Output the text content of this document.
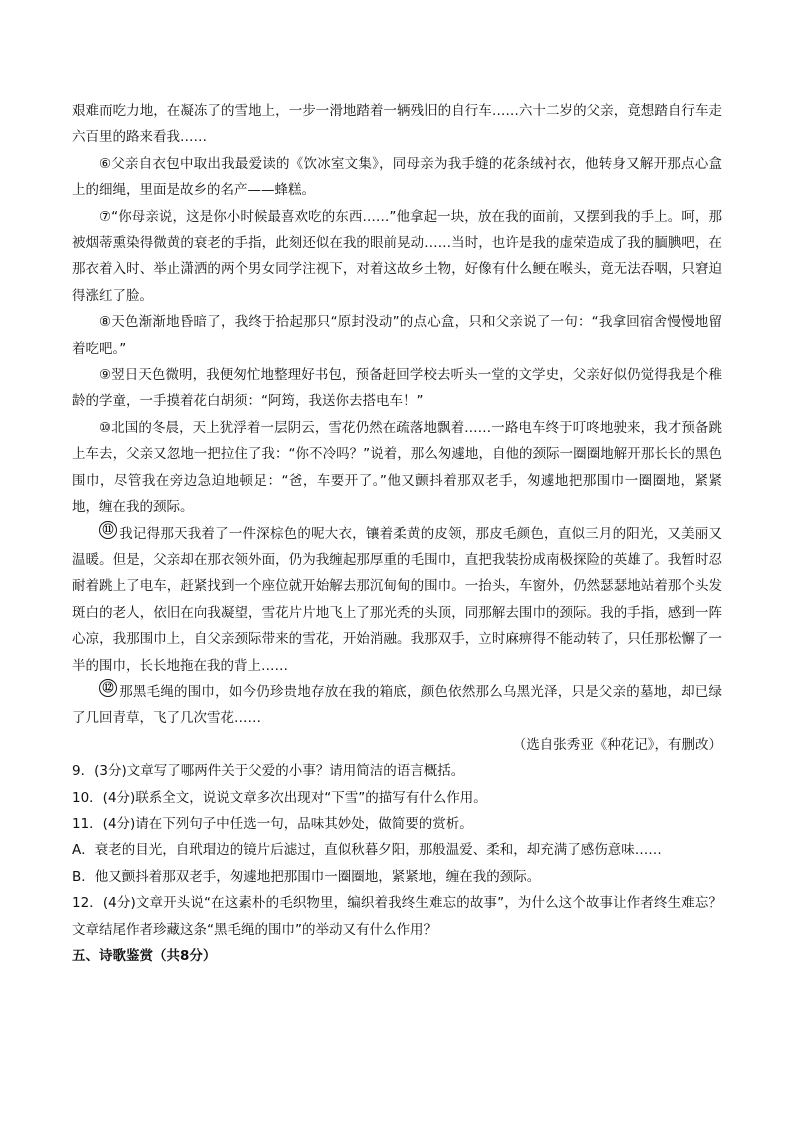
艰难而吃力地，在凝冻了的雪地上，一步一滑地踏着一辆残旧的自行车……六十二岁的父亲，竟想踏自行车走六百里的路来看我……

⑥父亲自衣包中取出我最爱读的《饮冰室文集》，同母亲为我手缝的花条绒衬衣，他转身又解开那点心盒上的细绳，里面是故乡的名产——蜂糕。

⑦“你母亲说，这是你小时候最喜欢吃的东西……”他拿起一块，放在我的面前，又摆到我的手上。呵，那被烟蒂熏染得微黄的衰老的手指，此刻还似在我的眼前晃动……当时，也许是我的虚荣造成了我的腼腆吧，在那衣着入时、举止潇洒的两个男女同学注视下，对着这故乡土物，好像有什么鲠在喉头，竟无法吞咽，只窘迫得涨红了脸。

⑧天色渐渐地昏暗了，我终于拾起那只“原封没动”的点心盒，只和父亲说了一句：“我拿回宿舍慢慢地留着吃吧。”

⑨翌日天色微明，我便匆忙地整理好书包，预备赶回学校去听头一堂的文学史，父亲好似仍觉得我是个稚龄的学童，一手摸着花白胡须：“阿筠，我送你去搭电车！”

⑩北国的冬晨，天上犹浮着一层阴云，雪花仍然在疏落地飘着……一路电车终于叮咚地驶来，我才预备跳上车去，父亲又忽地一把拉住了我：“你不冷吗？”说着，那么匆遽地，自他的颈际一圈圈地解开那长长的黑色围巾，尽管我在旁边急迫地顿足：“爸，车要开了。”他又颤抖着那双老手，匆遽地把那围巾一圈圈地，紧紧地，缠在我的颈际。

⑪ 我记得那天我着了一件深棕色的呢大衣，镶着柔黄的皮领，那皮毛颜色，直似三月的阳光，又美丽又温暖。但是，父亲却在那衣领外面，仍为我缠起那厚重的毛围巾，直把我装扮成南极探险的英雄了。我暂时忍耐着跳上了电车，赶紧找到一个座位就开始解去那沉甸甸的围巾。一抬头，车窗外，仍然瑟瑟地站着那个头发斑白的老人，依旧在向我凝望，雪花片片地飞上了那光秃的头顶，同那解去围巾的颈际。我的手指，感到一阵心凉，我那围巾上，自父亲颈际带来的雪花，开始消融。我那双手，立时麻痹得不能动转了，只任那松懈了一半的围巾，长长地拖在我的背上……

⑫ 那黑毛绳的围巾，如今仍珍贵地存放在我的箱底，颜色依然那么乌黑光泽，只是父亲的墓地，却已绿了几回青草，飞了几次雪花……

（选自张秀亚《种花记》，有删改）

9．(3分)文章写了哪两件关于父爱的小事？请用简洁的语言概括。

10．(4分)联系全文，说说文章多次出现对“下雪”的描写有什么作用。

11．(4分)请在下列句子中任选一句，品味其妙处，做简要的赏析。

A．衰老的目光，自玳瑁边的镜片后滤过，直似秋暮夕阳，那般温爱、柔和，却充满了感伤意味……

B．他又颤抖着那双老手，匆遽地把那围巾一圈圈地，紧紧地，缠在我的颈际。

12．(4分)文章开头说“在这素朴的毛织物里，编织着我终生难忘的故事”，为什么这个故事让作者终生难忘？文章结尾作者珍藏这条“黑毛绳的围巾”的举动又有什么作用？

五、诗歌鉴赏（共8分）
